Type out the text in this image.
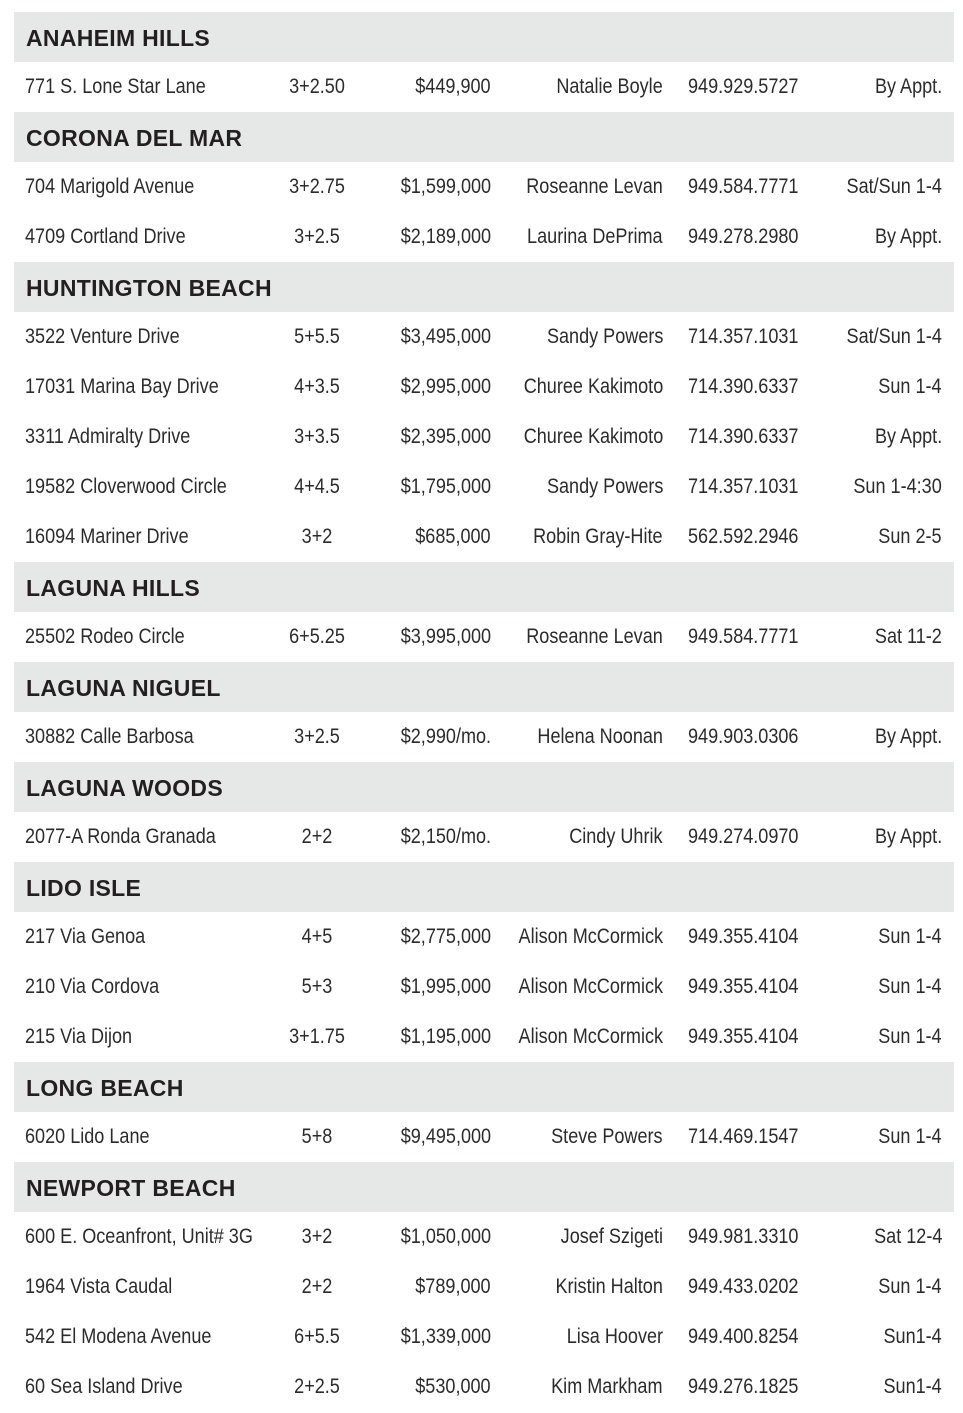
ANAHEIM HILLS
771 S. Lone Star Lane	3+2.50	$449,900	Natalie Boyle 949.929.5727	By Appt.
CORONA DEL MAR
704 Marigold Avenue	3+2.75	$1,599,000 Roseanne Levan 949.584.7771 Sat/Sun 1-4
4709 Cortland Drive	3+2.5	$2,189,000 Laurina DePrima 949.278.2980	By Appt.
HUNTINGTON BEACH
3522 Venture Drive	5+5.5	$3,495,000	Sandy Powers 714.357.1031 Sat/Sun 1-4
17031 Marina Bay Drive	4+3.5	$2,995,000 Churee Kakimoto 714.390.6337	Sun 1-4
3311 Admiralty Drive	3+3.5	$2,395,000 Churee Kakimoto 714.390.6337	By Appt.
19582 Cloverwood Circle	4+4.5	$1,795,000	Sandy Powers 714.357.1031	Sun 1-4:30
16094 Mariner Drive	3+2	$685,000 Robin Gray-Hite 562.592.2946	Sun 2-5
LAGUNA HILLS
25502 Rodeo Circle	6+5.25	$3,995,000 Roseanne Levan 949.584.7771	Sat 11-2
LAGUNA NIGUEL
30882 Calle Barbosa	3+2.5	$2,990/mo. Helena Noonan 949.903.0306	By Appt.
LAGUNA WOODS
2077-A Ronda Granada	2+2	$2,150/mo.	Cindy Uhrik 949.274.0970	By Appt.
LIDO ISLE
217 Via Genoa	4+5	$2,775,000 Alison McCormick 949.355.4104	Sun 1-4
210 Via Cordova	5+3	$1,995,000 Alison McCormick 949.355.4104	Sun 1-4
215 Via Dijon	3+1.75	$1,195,000 Alison McCormick 949.355.4104	Sun 1-4
LONG BEACH
6020 Lido Lane	5+8	$9,495,000	Steve Powers 714.469.1547	Sun 1-4
NEWPORT BEACH
600 E. Oceanfront, Unit# 3G 3+2	$1,050,000	Josef Szigeti 949.981.3310	Sat 12-4
1964 Vista Caudal	2+2	$789,000	Kristin Halton 949.433.0202	Sun 1-4
542 El Modena Avenue	6+5.5	$1,339,000	Lisa Hoover 949.400.8254	Sun1-4
60 Sea Island Drive	2+2.5	$530,000	Kim Markham 949.276.1825	Sun1-4
